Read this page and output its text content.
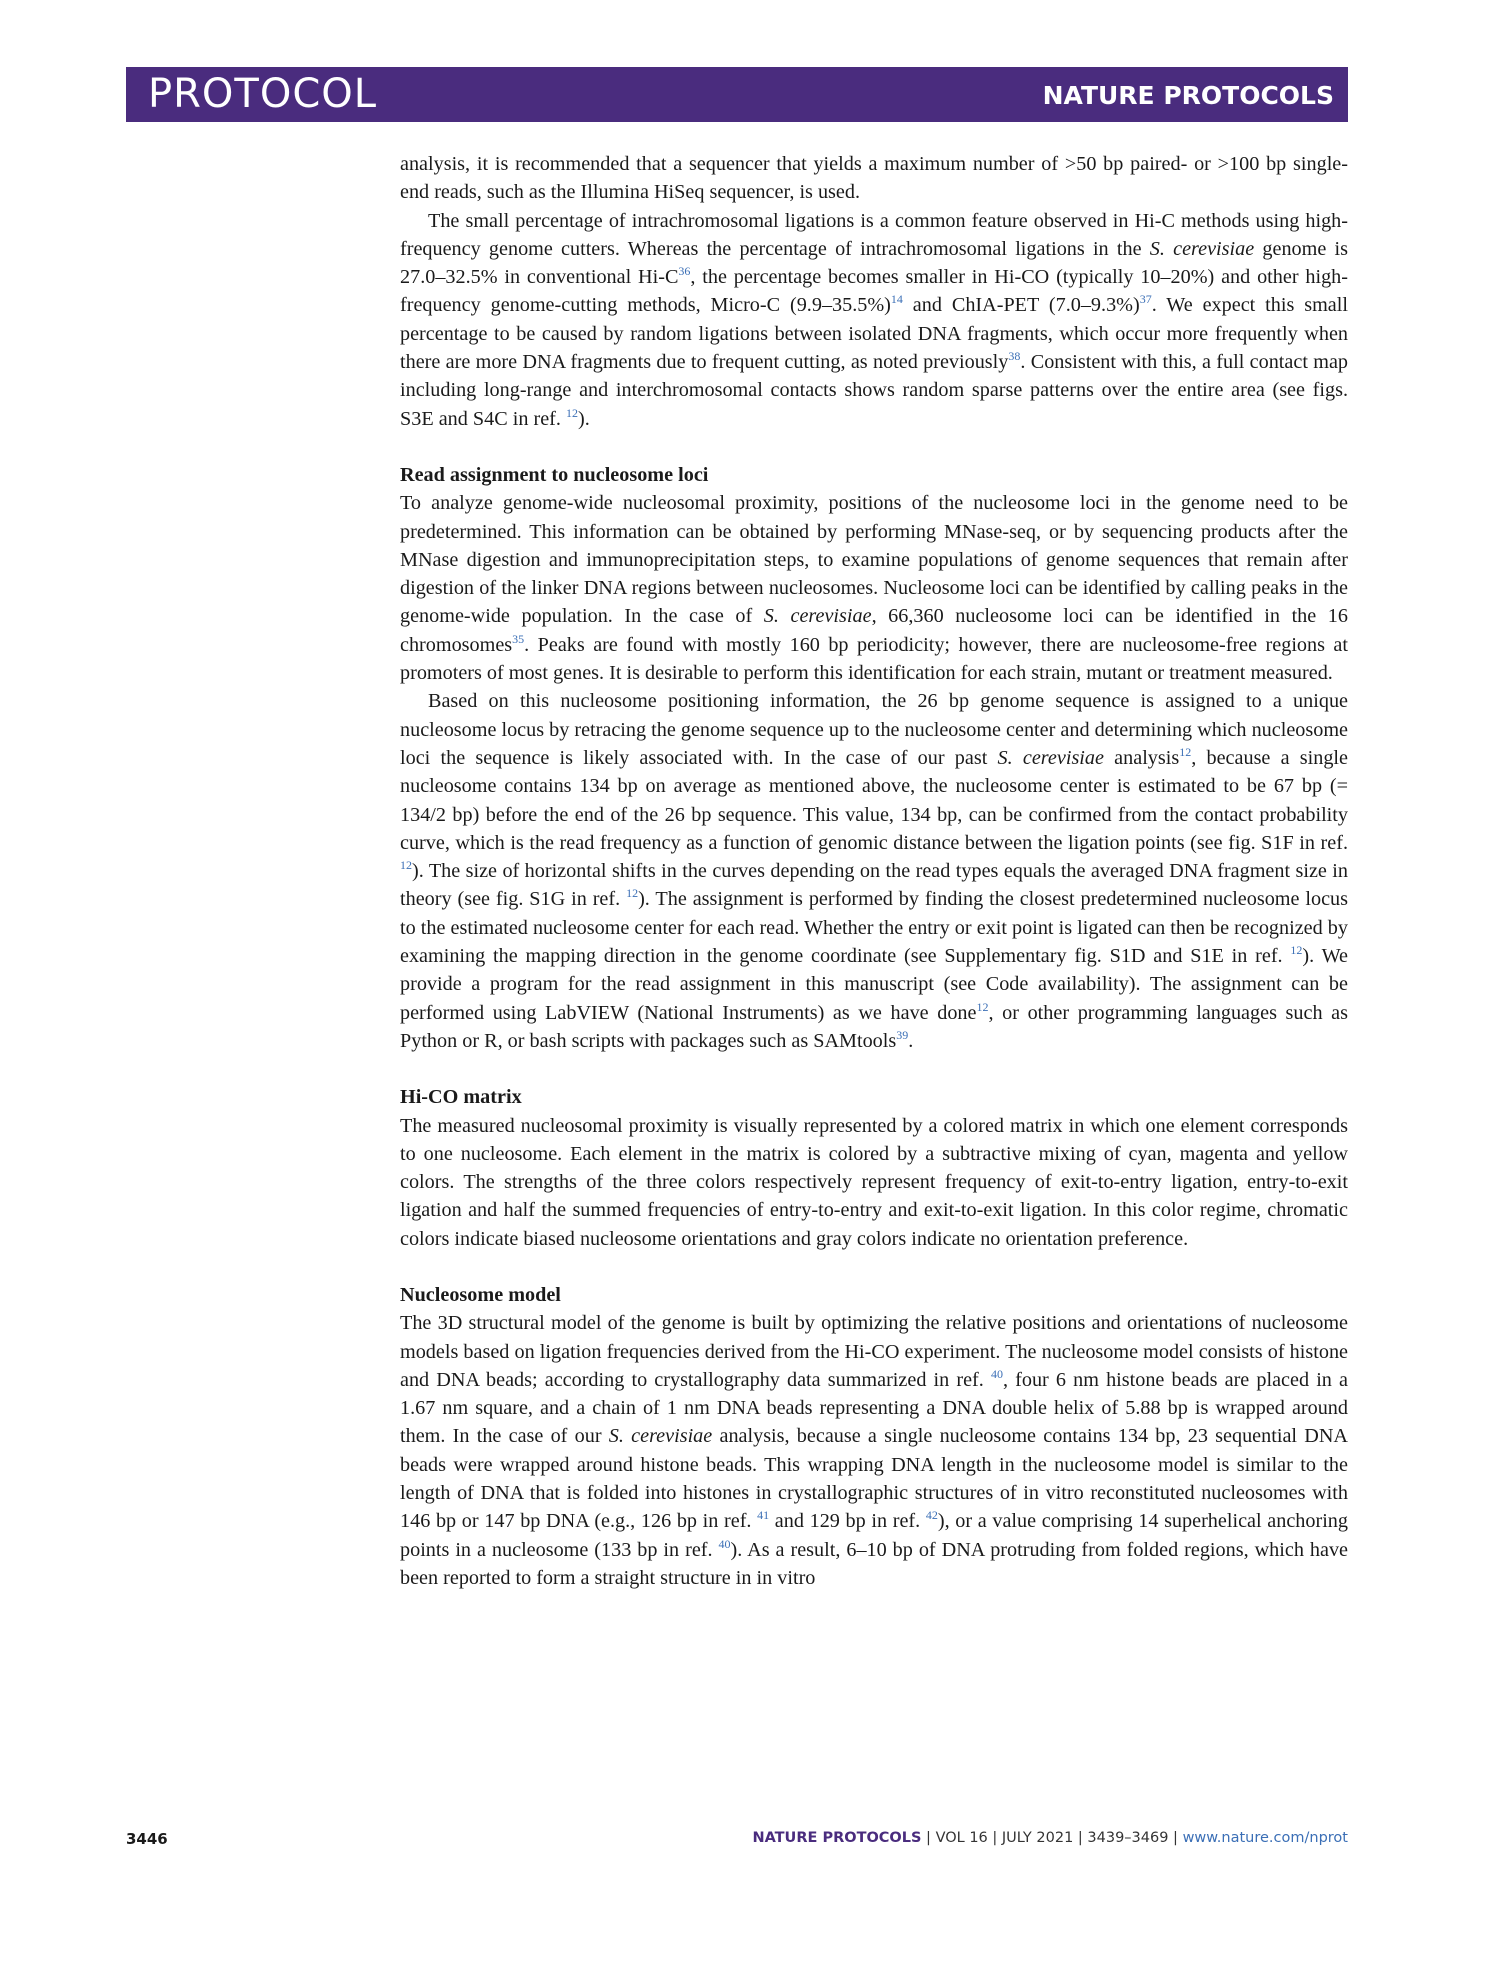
PROTOCOL	NATURE PROTOCOLS

analysis, it is recommended that a sequencer that yields a maximum number of >50 bp paired- or >100 bp single- end reads, such as the Illumina HiSeq sequencer, is used.

The small percentage of intrachromosomal ligations is a common feature observed in Hi-C methods using high-frequency genome cutters. Whereas the percentage of intrachromosomal ligations in the S. cerevisiae genome is 27.0–32.5% in conventional $Hi-C^{36}$, the percentage becomes smaller in Hi-CO (typically 10–20%) and other high-frequency genome-cutting methods, Micro-C $(9.9-35.5\%)^{14}$ and ChIA-PET $(7.0-9.3\%)^{37}$. We expect this small percentage to be caused by random ligations between isolated DNA fragments, which occur more frequently when there are more DNA fragments due to frequent cutting, as noted previously$^{38}$. Consistent with this, a full contact map including long-range and interchromosomal contacts shows random sparse patterns over the entire area (see figs. S3E and S4C in ref. $^{12}$).

Read assignment to nucleosome loci

To analyze genome-wide nucleosomal proximity, positions of the nucleosome loci in the genome need to be predetermined. This information can be obtained by performing MNase-seq, or by sequencing products after the MNase digestion and immunoprecipitation steps, to examine populations of genome sequences that remain after digestion of the linker DNA regions between nucleosomes. Nucleosome loci can be identified by calling peaks in the genome-wide population. In the case of S. cerevisiae, 66,360 nucleosome loci can be identified in the 16 chromosomes$^{35}$. Peaks are found with mostly 160 bp periodicity; however, there are nucleosome-free regions at promoters of most genes. It is desirable to perform this identification for each strain, mutant or treatment measured.

Based on this nucleosome positioning information, the 26 bp genome sequence is assigned to a unique nucleosome locus by retracing the genome sequence up to the nucleosome center and determining which nucleosome loci the sequence is likely associated with. In the case of our past S. cerevisiae analysis$^{12}$, because a single nucleosome contains 134 bp on average as mentioned above, the nucleosome center is estimated to be 67 bp (= 134/2 bp) before the end of the 26 bp sequence. This value, 134 bp, can be confirmed from the contact probability curve, which is the read frequency as a function of genomic distance between the ligation points (see fig. S1F in ref. $^{12}$). The size of horizontal shifts in the curves depending on the read types equals the averaged DNA fragment size in theory (see fig. S1G in ref. $^{12}$). The assignment is performed by finding the closest predetermined nucleosome locus to the estimated nucleosome center for each read. Whether the entry or exit point is ligated can then be recognized by examining the mapping direction in the genome coordinate (see Supplementary fig. S1D and S1E in ref. $^{12}$). We provide a program for the read assignment in this manuscript (see Code availability). The assignment can be performed using LabVIEW (National Instruments) as we have done$^{12}$, or other programming languages such as Python or R, or bash scripts with packages such as SAMtools$^{39}$.

Hi-CO matrix

The measured nucleosomal proximity is visually represented by a colored matrix in which one element corresponds to one nucleosome. Each element in the matrix is colored by a subtractive mixing of cyan, magenta and yellow colors. The strengths of the three colors respectively represent frequency of exit-to-entry ligation, entry-to-exit ligation and half the summed frequencies of entry-to-entry and exit-to-exit ligation. In this color regime, chromatic colors indicate biased nucleosome orientations and gray colors indicate no orientation preference.

Nucleosome model

The 3D structural model of the genome is built by optimizing the relative positions and orientations of nucleosome models based on ligation frequencies derived from the Hi-CO experiment. The nucleosome model consists of histone and DNA beads; according to crystallography data summarized in ref. $^{40}$, four 6 nm histone beads are placed in a 1.67 nm square, and a chain of 1 nm DNA beads representing a DNA double helix of 5.88 bp is wrapped around them. In the case of our S. cerevisiae analysis, because a single nucleosome contains 134 bp, 23 sequential DNA beads were wrapped around histone beads. This wrapping DNA length in the nucleosome model is similar to the length of DNA that is folded into histones in crystallographic structures of in vitro reconstituted nucleosomes with 146 bp or 147 bp DNA (e.g., 126 bp in ref. $^{41}$ and 129 bp in ref. $^{42}$), or a value comprising 14 superhelical anchoring points in a nucleosome (133 bp in ref. $^{40}$). As a result, 6–10 bp of DNA protruding from folded regions, which have been reported to form a straight structure in in vitro

3446	NATURE PROTOCOLS | VOL 16 | JULY 2021 | 3439–3469 | www.nature.com/nprot
